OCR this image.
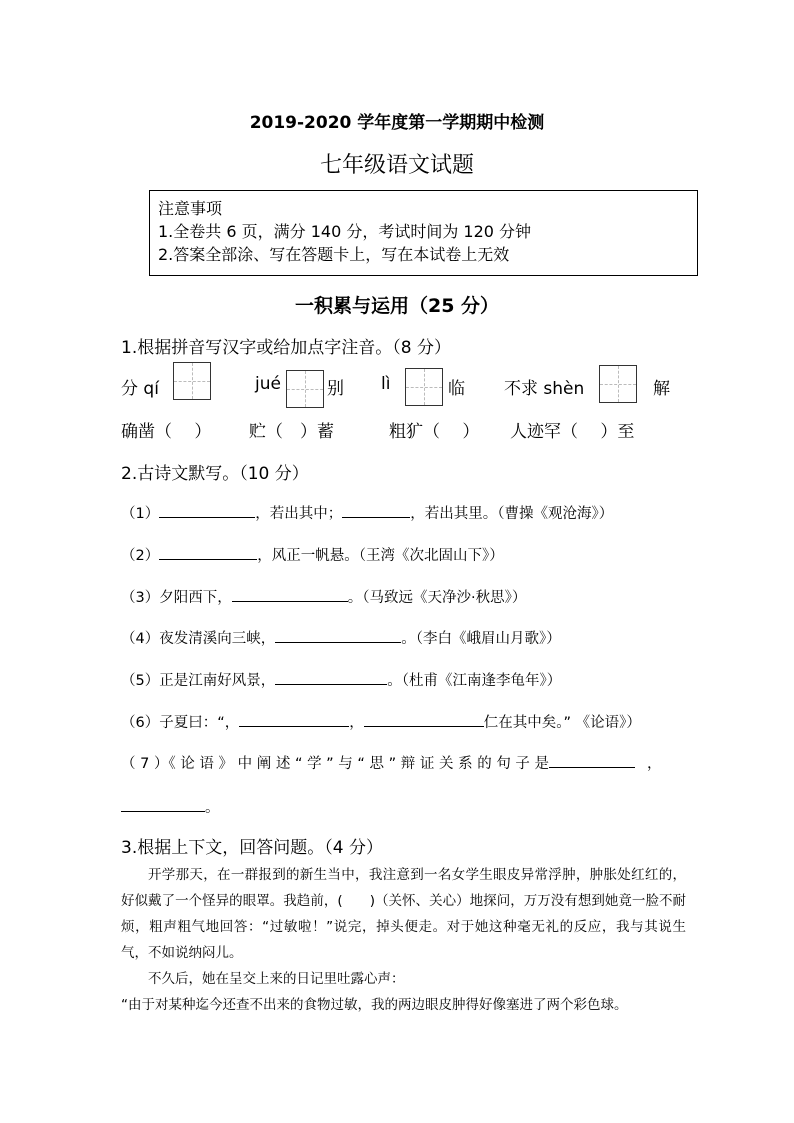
2019-2020 学年度第一学期期中检测
七年级语文试题
注意事项
1.全卷共 6 页，满分 140 分，考试时间为 120 分钟
2.答案全部涂、写在答题卡上，写在本试卷上无效
一积累与运用（25 分）
1.根据拼音写汉字或给加点字注音。（8 分）
分 qí	jué	别 lì	临 不求 shèn	解
确凿（　 ） 贮（　）蓄	粗犷（　 ） 人迹罕（　 ）至
2.古诗文默写。（10 分）
（1）	，若出其中；	，若出其里。（曹操《观沧海》）
（2）	，风正一帆悬。（王湾《次北固山下》）
（3）夕阳西下，	。（马致远《天净沙·秋思》）
（4）夜发清溪向三峡，	。（李白《峨眉山月歌》）
（5）正是江南好风景，	。（杜甫《江南逢李龟年》）
（6）子夏曰：“，	，	仁在其中矣。” 《论语》）
（ 7 ）《 论 语 》 中 阐 述 “ 学 ” 与 “ 思 ” 辩 证 关 系 的 句 子 是	，
。
3.根据上下文，回答问题。（4 分）

开学那天，在一群报到的新生当中，我注意到一名女学生眼皮异常浮肿，肿胀处红红的，好似戴了一个怪异的眼罩。我趋前，(　　)（关怀、关心）地探问，万万没有想到她竟一脸不耐烦，粗声粗气地回答：“过敏啦！”说完，掉头便走。对于她这种毫无礼的反应，我与其说生气，不如说纳闷儿。

不久后，她在呈交上来的日记里吐露心声：

“由于对某种迄今还查不出来的食物过敏，我的两边眼皮肿得好像塞进了两个彩色球。
